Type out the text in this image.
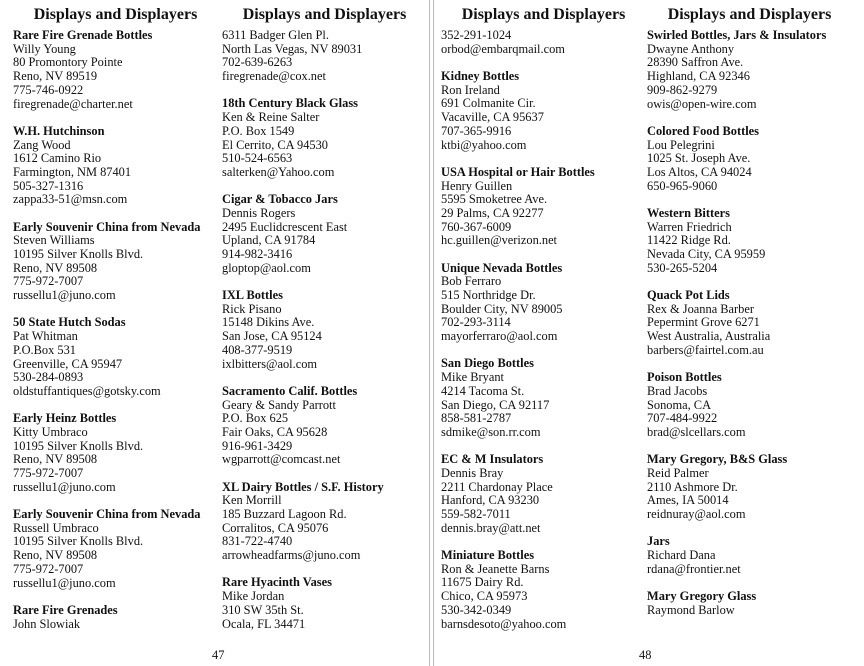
Displays and Displayers
Rare Fire Grenade Bottles
Willy Young
80 Promontory Pointe
Reno, NV 89519
775-746-0922
firegrenade@charter.net
W.H. Hutchinson
Zang Wood
1612 Camino Rio
Farmington, NM 87401
505-327-1316
zappa33-51@msn.com
Early Souvenir China from Nevada
Steven Williams
10195 Silver Knolls Blvd.
Reno, NV 89508
775-972-7007
russellu1@juno.com
50 State Hutch Sodas
Pat Whitman
P.O.Box 531
Greenville, CA 95947
530-284-0893
oldstuffantiques@gotsky.com
Early Heinz Bottles
Kitty Umbraco
10195 Silver Knolls Blvd.
Reno, NV 89508
775-972-7007
russellu1@juno.com
Early Souvenir China from Nevada
Russell Umbraco
10195 Silver Knolls Blvd.
Reno, NV 89508
775-972-7007
russellu1@juno.com
Rare Fire Grenades
John Slowiak
Displays and Displayers
6311 Badger Glen Pl.
North Las Vegas, NV 89031
702-639-6263
firegrenade@cox.net
18th Century Black Glass
Ken & Reine Salter
P.O. Box 1549
El Cerrito, CA 94530
510-524-6563
salterken@Yahoo.com
Cigar & Tobacco Jars
Dennis Rogers
2495 Euclidcrescent East
Upland, CA 91784
914-982-3416
gloptop@aol.com
IXL Bottles
Rick Pisano
15148 Dikins Ave.
San Jose, CA 95124
408-377-9519
ixlbitters@aol.com
Sacramento Calif. Bottles
Geary & Sandy Parrott
P.O. Box 625
Fair Oaks, CA 95628
916-961-3429
wgparrott@comcast.net
XL Dairy Bottles / S.F. History
Ken Morrill
185 Buzzard Lagoon Rd.
Corralitos, CA 95076
831-722-4740
arrowheadfarms@juno.com
Rare Hyacinth Vases
Mike Jordan
310 SW 35th St.
Ocala, FL 34471
47
Displays and Displayers
352-291-1024
orbod@embarqmail.com
Kidney Bottles
Ron Ireland
691 Colmanite Cir.
Vacaville, CA 95637
707-365-9916
ktbi@yahoo.com
USA Hospital or Hair Bottles
Henry Guillen
5595 Smoketree Ave.
29 Palms, CA 92277
760-367-6009
hc.guillen@verizon.net
Unique Nevada Bottles
Bob Ferraro
515 Northridge Dr.
Boulder City, NV 89005
702-293-3114
mayorferraro@aol.com
San Diego Bottles
Mike Bryant
4214 Tacoma St.
San Diego, CA 92117
858-581-2787
sdmike@son.rr.com
EC & M Insulators
Dennis Bray
2211 Chardonay Place
Hanford, CA 93230
559-582-7011
dennis.bray@att.net
Miniature Bottles
Ron & Jeanette Barns
11675 Dairy Rd.
Chico, CA 95973
530-342-0349
barnsdesoto@yahoo.com
Displays and Displayers
Swirled Bottles, Jars & Insulators
Dwayne Anthony
28390 Saffron Ave.
Highland, CA 92346
909-862-9279
owis@open-wire.com
Colored Food Bottles
Lou Pelegrini
1025 St. Joseph Ave.
Los Altos, CA 94024
650-965-9060
Western Bitters
Warren Friedrich
11422 Ridge Rd.
Nevada City, CA 95959
530-265-5204
Quack Pot Lids
Rex & Joanna Barber
Pepermint Grove 6271
West Australia, Australia
barbers@fairtel.com.au
Poison Bottles
Brad Jacobs
Sonoma, CA
707-484-9922
brad@slcellars.com
Mary Gregory, B&S Glass
Reid Palmer
2110 Ashmore Dr.
Ames, IA 50014
reidnuray@aol.com
Jars
Richard Dana
rdana@frontier.net
Mary Gregory Glass
Raymond Barlow
48
